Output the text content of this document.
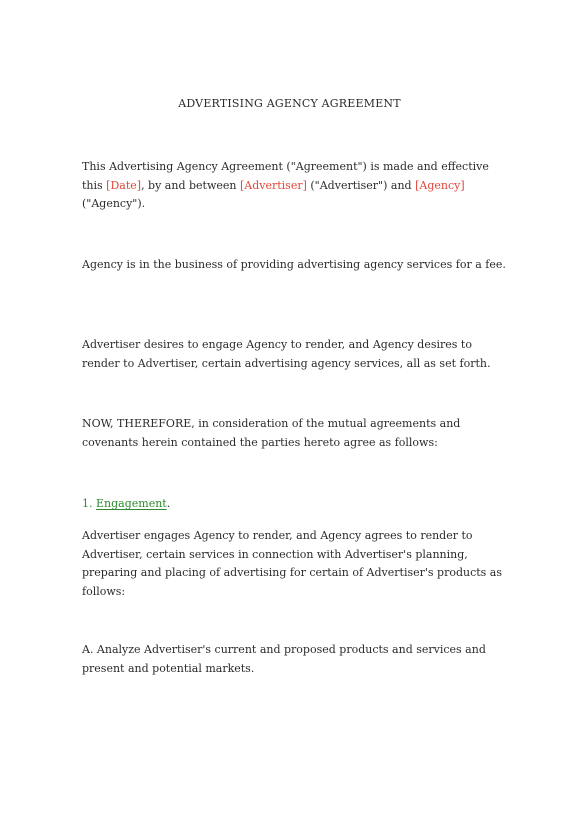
ADVERTISING AGENCY AGREEMENT

This Advertising Agency Agreement ("Agreement") is made and effective this [Date], by and between [Advertiser] ("Advertiser") and [Agency] ("Agency").

Agency is in the business of providing advertising agency services for a fee.

Advertiser desires to engage Agency to render, and Agency desires to render to Advertiser, certain advertising agency services, all as set forth.

NOW, THEREFORE, in consideration of the mutual agreements and covenants herein contained the parties hereto agree as follows:

1. Engagement.

Advertiser engages Agency to render, and Agency agrees to render to Advertiser, certain services in connection with Advertiser's planning, preparing and placing of advertising for certain of Advertiser's products as follows:

A. Analyze Advertiser's current and proposed products and services and present and potential markets.
